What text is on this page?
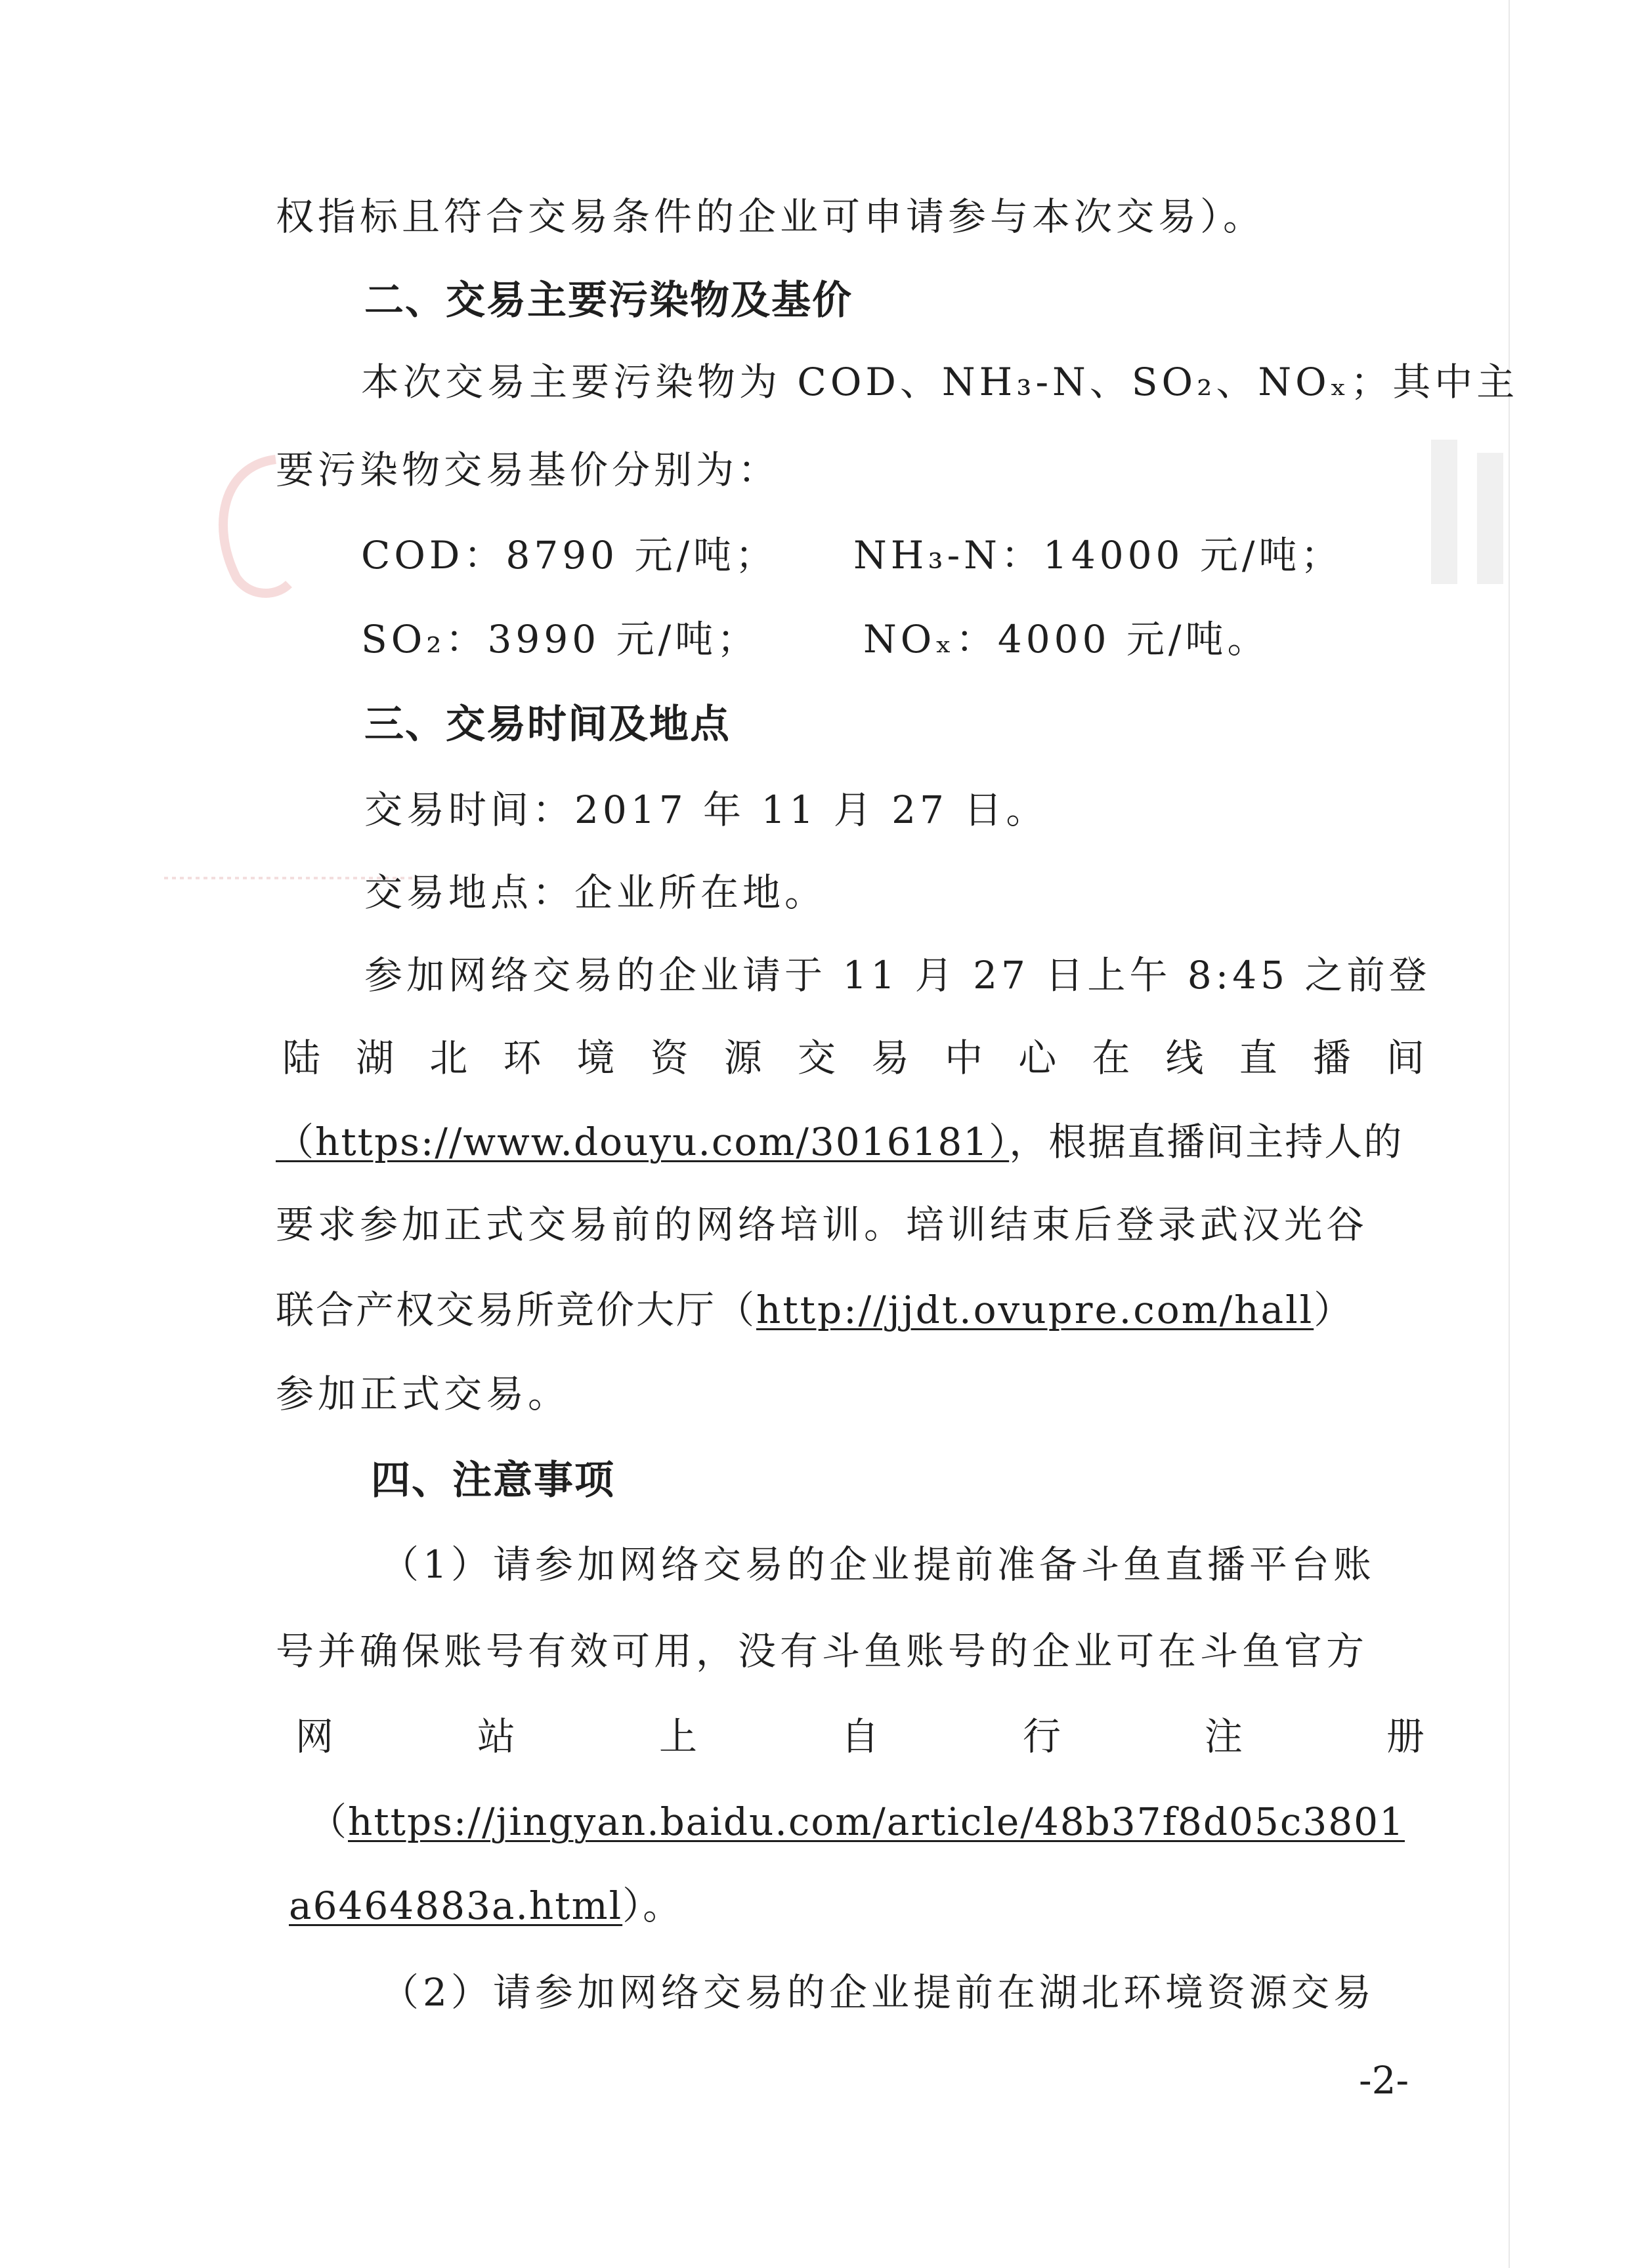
权指标且符合交易条件的企业可申请参与本次交易）。
二、交易主要污染物及基价
本次交易主要污染物为 COD、NH₃-N、SO₂、NOₓ；其中主
要污染物交易基价分别为：
COD：8790 元/吨； NH₃-N：14000 元/吨；
SO₂：3990 元/吨；	NOₓ：4000 元/吨。
三、交易时间及地点
交易时间：2017 年 11 月 27 日。
交易地点：企业所在地。
参加网络交易的企业请于 11 月 27 日上午 8:45 之前登
陆 湖 北 环 境 资 源 交 易 中 心 在 线 直 播 间
（https://www.douyu.com/3016181），根据直播间主持人的
要求参加正式交易前的网络培训。培训结束后登录武汉光谷
联合产权交易所竞价大厅（http://jjdt.ovupre.com/hall）
参加正式交易。
四、注意事项
（1）请参加网络交易的企业提前准备斗鱼直播平台账
号并确保账号有效可用，没有斗鱼账号的企业可在斗鱼官方
网	站	上	自	行	注	册
（https://jingyan.baidu.com/article/48b37f8d05c3801
a6464883a.html）。
（2）请参加网络交易的企业提前在湖北环境资源交易
-2-
